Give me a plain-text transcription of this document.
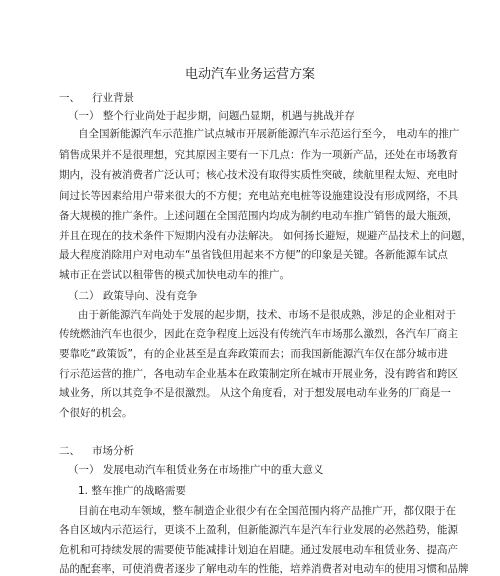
电动汽车业务运营方案

一、 行业背景

（一） 整个行业尚处于起步期，问题凸显期，机遇与挑战并存

自全国新能源汽车示范推广试点城市开展新能源汽车示范运行至今， 电动车的推广

销售成果并不是很理想，究其原因主要有一下几点：作为一项新产品，还处在市场教育

期内，没有被消费者广泛认可；核心技术没有取得实质性突破，续航里程太短、充电时

间过长等因素给用户带来很大的不方便；充电站充电桩等设施建设没有形成网络，不具

备大规模的推广条件。上述问题在全国范围内均成为制约电动车推广销售的最大瓶颈，

并且在现在的技术条件下短期内没有办法解决。 如何扬长避短，规避产品技术上的问题，

最大程度消除用户对电动车“虽省钱但用起来不方便”的印象是关键。各新能源车试点

城市正在尝试以租带售的模式加快电动车的推广。

（二） 政策导向、没有竞争

由于新能源汽车尚处于发展的起步期，技术、市场不是很成熟，涉足的企业相对于

传统燃油汽车也很少，因此在竞争程度上远没有传统汽车市场那么激烈，各汽车厂商主

要靠吃“政策饭”，有的企业甚至是直奔政策而去；而我国新能源汽车仅在部分城市进

行示范运营的推广，各电动车企业基本在政策制定所在城市开展业务，没有跨省和跨区

域业务，所以其竞争不是很激烈。 从这个角度看，对于想发展电动车业务的厂商是一

个很好的机会。

二、 市场分析

（一） 发展电动汽车租赁业务在市场推广中的重大意义

1. 整车推广的战略需要

目前在电动车领域，整车制造企业很少有在全国范围内将产品推广开，都仅限于在

各自区域内示范运行，更谈不上盈利，但新能源汽车是汽车行业发展的必然趋势，能源

危机和可持续发展的需要使节能减排计划迫在眉睫。通过发展电动车租赁业务、提高产

品的配套率，可使消费者逐步了解电动车的性能，培养消费者对电动车的使用习惯和品牌
